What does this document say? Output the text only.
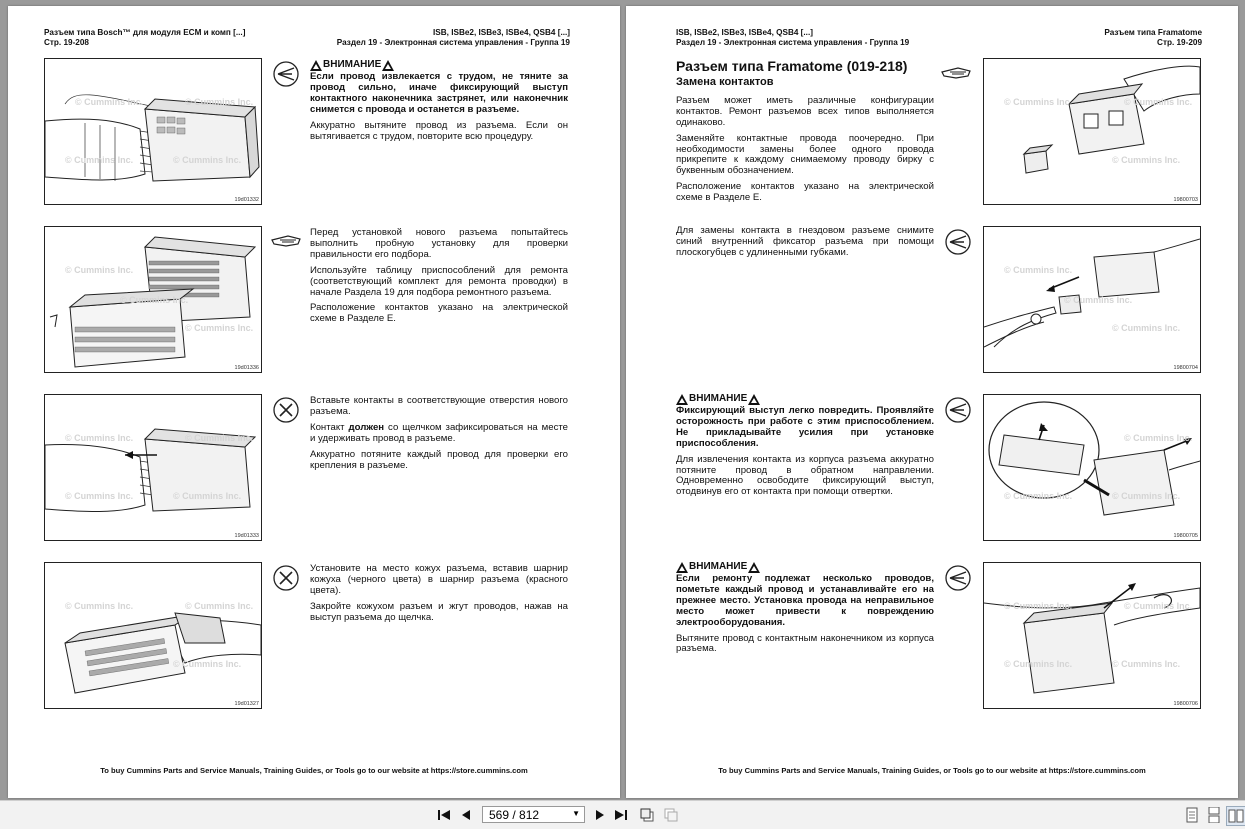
Разъем типа Bosch™ для модуля ECM и комп [...]
Стр. 19-208
ISB, ISBe2, ISBe3, ISBe4, QSB4 [...]
Раздел 19 - Электронная система управления - Группа 19
© Cummins Inc.	© Cummins Inc.
© Cummins Inc.	© Cummins Inc.
19d01332
ВНИМАНИЕ

Если провод извлекается с трудом, не тяните за провод сильно, иначе фиксирующий выступ контактного наконечника застрянет, или наконечник снимется с провода и останется в разъеме.

Аккуратно вытяните провод из разъема. Если он вытягивается с трудом, повторите всю процедуру.

© Cummins Inc.
© Cummins Inc.
© Cummins Inc.
19d01336

Перед установкой нового разъема попытайтесь выполнить пробную установку для проверки правильности его подбора.

Используйте таблицу приспособлений для ремонта (соответствующий комплект для ремонта проводки) в начале Раздела 19 для подбора ремонтного разъема.

Расположение контактов указано на электрической схеме в Разделе E.

© Cummins Inc.	© Cummins Inc.
© Cummins Inc.	© Cummins Inc.
19d01333

Вставьте контакты в соответствующие отверстия нового разъема.

Контакт должен со щелчком зафиксироваться на месте и удерживать провод в разъеме.

Аккуратно потяните каждый провод для проверки его крепления в разъеме.

© Cummins Inc.	© Cummins Inc.
© Cummins Inc.
19d01327

Установите на место кожух разъема, вставив шарнир кожуха (черного цвета) в шарнир разъема (красного цвета).

Закройте кожухом разъем и жгут проводов, нажав на выступ разъема до щелчка.

To buy Cummins Parts and Service Manuals, Training Guides, or Tools go to our website at https://store.cummins.com
ISB, ISBe2, ISBe3, ISBe4, QSB4 [...]
Раздел 19 - Электронная система управления - Группа 19
Разъем типа Framatome
Стр. 19-209
Разъем типа Framatome (019-218)
Замена контактов

Разъем может иметь различные конфигурации контактов. Ремонт разъемов всех типов выполняется одинаково.

Заменяйте контактные провода поочередно. При необходимости замены более одного провода прикрепите к каждому снимаемому проводу бирку с буквенным обозначением.

Расположение контактов указано на электрической схеме в Разделе E.

© Cummins Inc.	© Cummins Inc.
© Cummins Inc.
19800703

Для замены контакта в гнездовом разъеме снимите синий внутренний фиксатор разъема при помощи плоскогубцев с удлиненными губками.

© Cummins Inc.
© Cummins Inc.
© Cummins Inc.
19800704
ВНИМАНИЕ

Фиксирующий выступ легко повредить. Проявляйте осторожность при работе с этим приспособлением. Не прикладывайте усилия при установке приспособления.

Для извлечения контакта из корпуса разъема аккуратно потяните провод в обратном направлении. Одновременно освободите фиксирующий выступ, отодвинув его от контакта при помощи отвертки.

© Cummins Inc.
© Cummins Inc.	© Cummins Inc.
19800705
ВНИМАНИЕ

Если ремонту подлежат несколько проводов, пометьте каждый провод и устанавливайте его на прежнее место. Установка провода на неправильное место может привести к повреждению электрооборудования.

Вытяните провод с контактным наконечником из корпуса разъема.

© Cummins Inc.	© Cummins Inc.
© Cummins Inc.	© Cummins Inc.
19800706
To buy Cummins Parts and Service Manuals, Training Guides, or Tools go to our website at https://store.cummins.com
569 / 812	▼
